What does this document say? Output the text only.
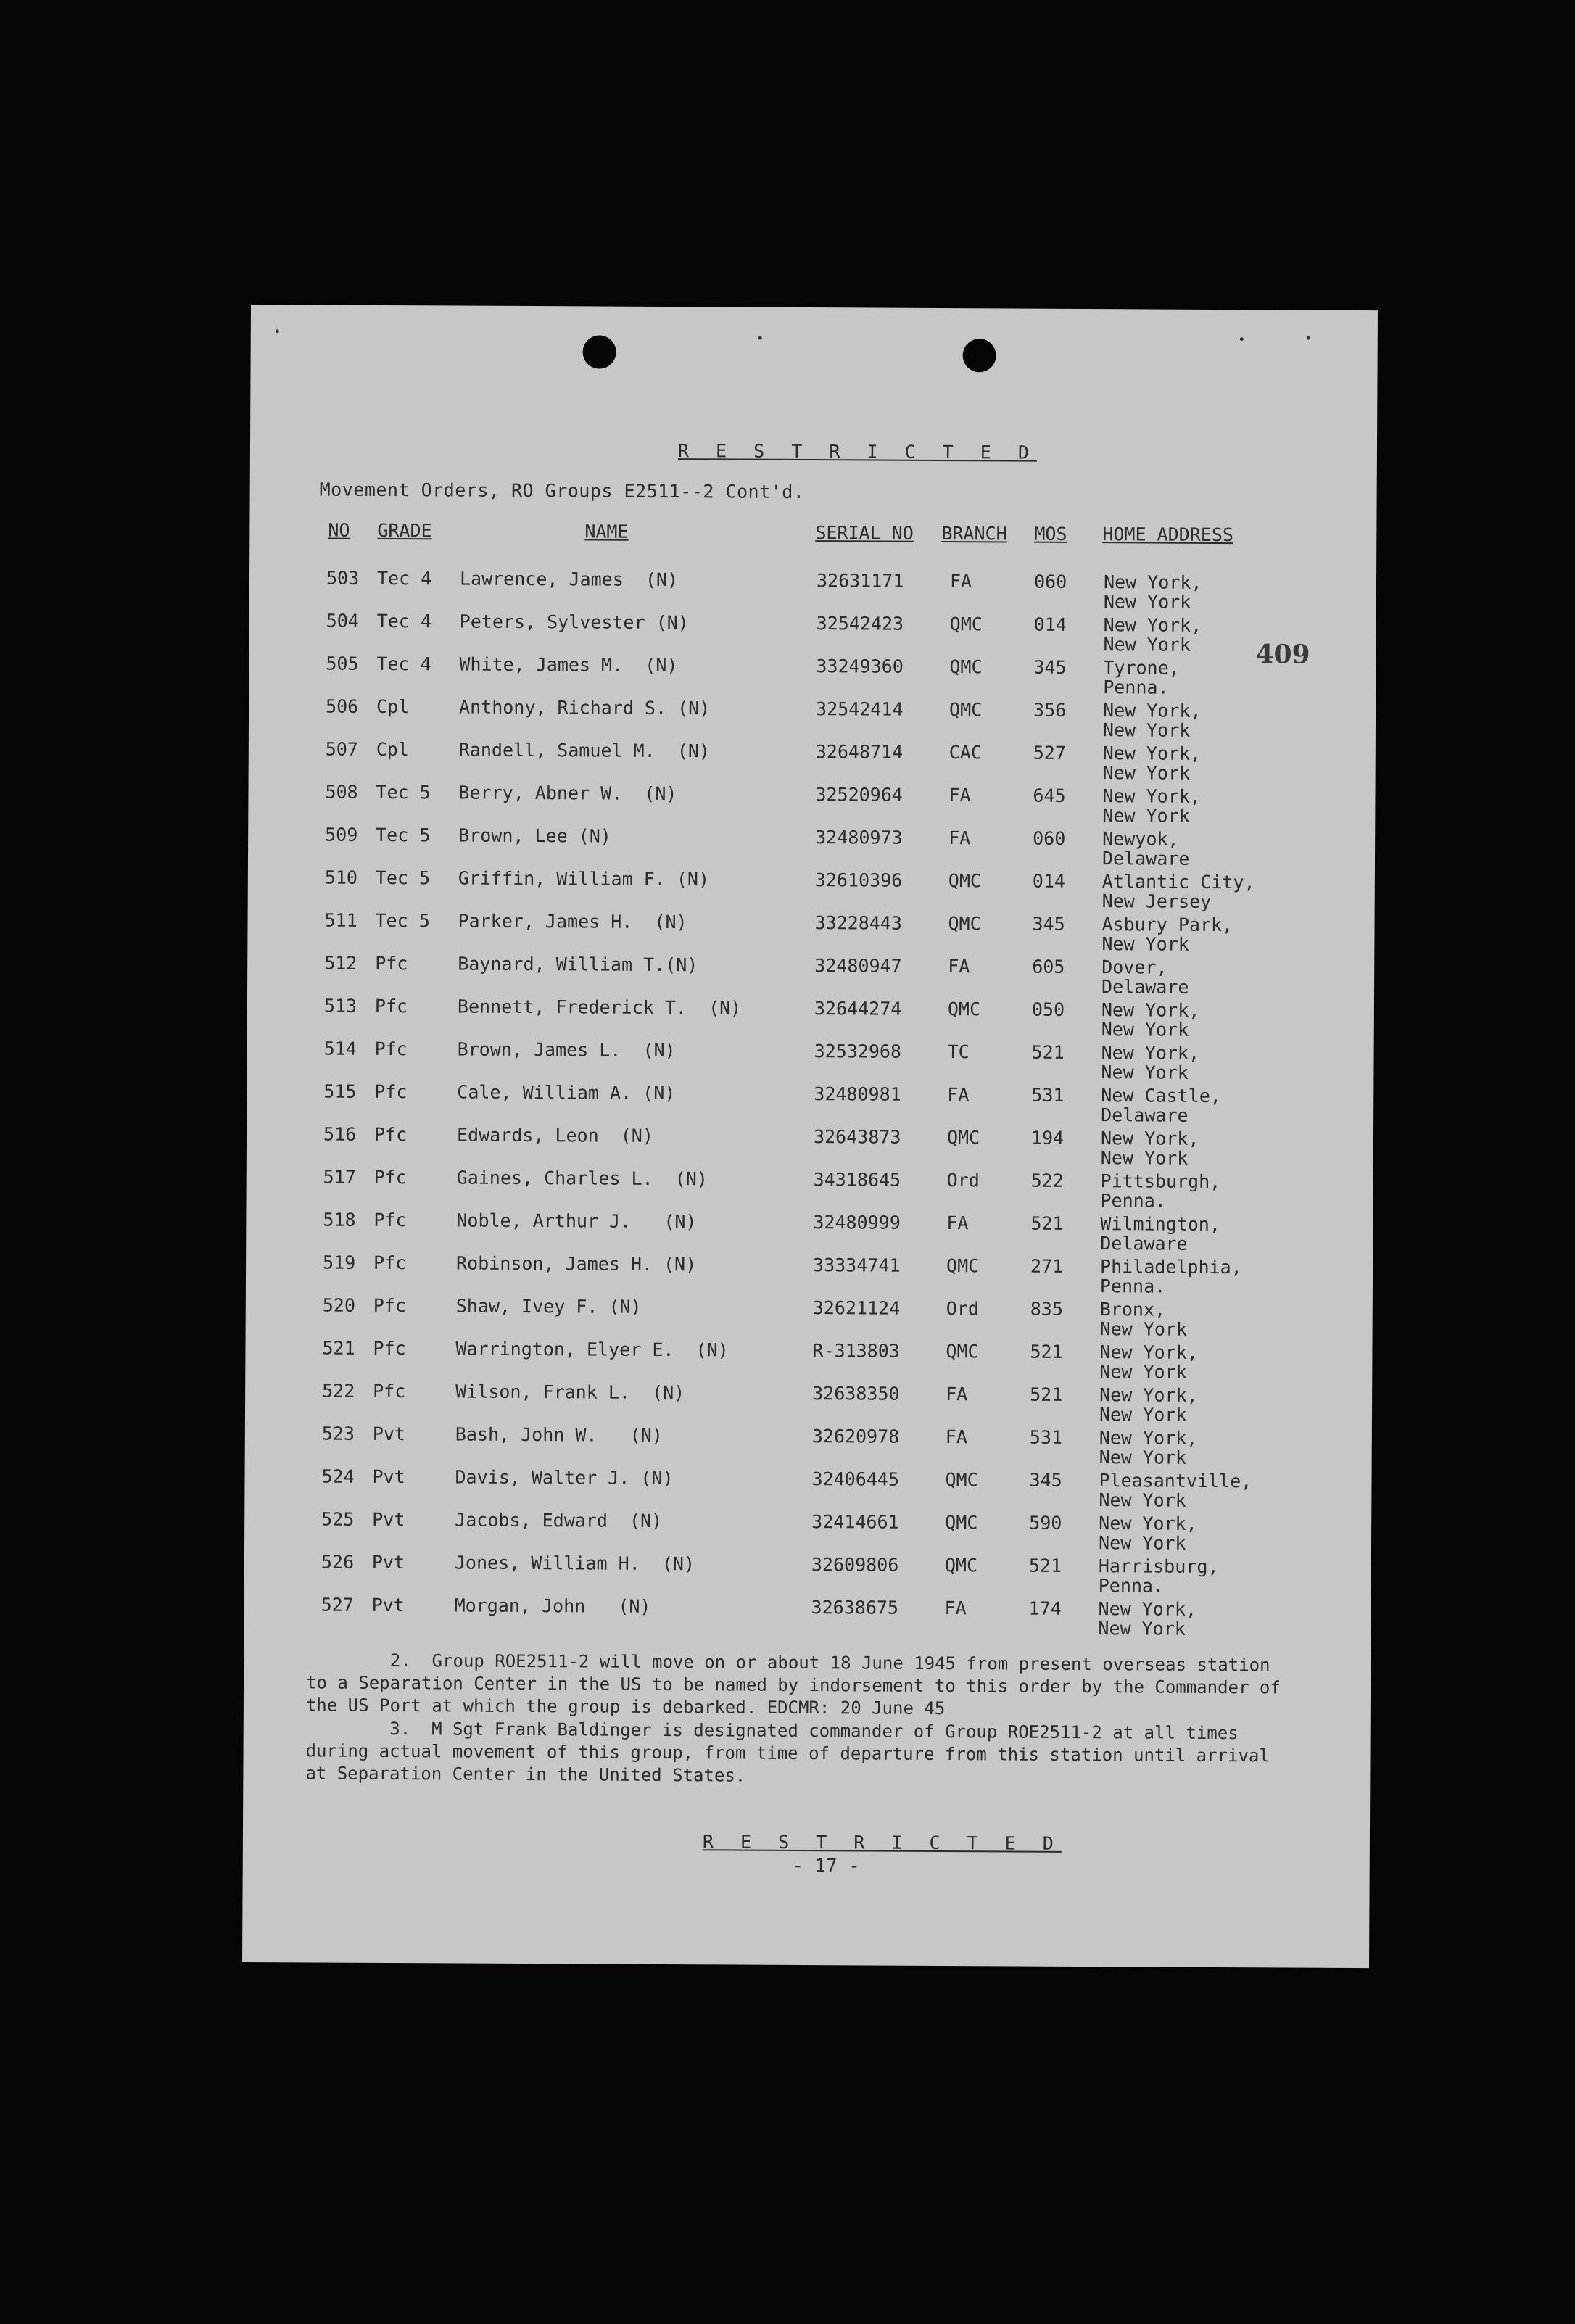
R E S T R I C T E D
Movement Orders, RO Groups E2511--2 Cont'd.
409
NO GRADE	NAME	SERIAL NO BRANCH MOS HOME ADDRESS
503 Tec 4 Lawrence, James  (N)	32631171	FA	060 New York,
New York
504 Tec 4 Peters, Sylvester (N)	32542423	QMC	014 New York,
New York
505 Tec 4 White, James M.  (N)	33249360	QMC	345 Tyrone,
Penna.
506 Cpl	Anthony, Richard S. (N)	32542414	QMC	356 New York,
New York
507 Cpl	Randell, Samuel M.  (N)	32648714	CAC	527 New York,
New York
508 Tec 5 Berry, Abner W.  (N)	32520964	FA	645 New York,
New York
509 Tec 5 Brown, Lee (N)	32480973	FA	060 Newyok,
Delaware
510 Tec 5 Griffin, William F. (N)	32610396	QMC	014 Atlantic City,
New Jersey
511 Tec 5 Parker, James H.  (N)	33228443	QMC	345 Asbury Park,
New York
512 Pfc	Baynard, William T.(N)	32480947	FA	605 Dover,
Delaware
513 Pfc	Bennett, Frederick T.  (N)	32644274	QMC	050 New York,
New York
514 Pfc	Brown, James L.  (N)	32532968	TC	521 New York,
New York
515 Pfc	Cale, William A. (N)	32480981	FA	531 New Castle,
Delaware
516 Pfc	Edwards, Leon  (N)	32643873	QMC	194 New York,
New York
517 Pfc	Gaines, Charles L.  (N)	34318645	Ord	522 Pittsburgh,
Penna.
518 Pfc	Noble, Arthur J.   (N)	32480999	FA	521 Wilmington,
Delaware
519 Pfc	Robinson, James H. (N)	33334741	QMC	271 Philadelphia,
Penna.
520 Pfc	Shaw, Ivey F. (N)	32621124	Ord	835 Bronx,
New York
521 Pfc	Warrington, Elyer E.  (N)	R-313803	QMC	521 New York,
New York
522 Pfc	Wilson, Frank L.  (N)	32638350	FA	521 New York,
New York
523 Pvt	Bash, John W.   (N)	32620978	FA	531 New York,
New York
524 Pvt	Davis, Walter J. (N)	32406445	QMC	345 Pleasantville,
New York
525 Pvt	Jacobs, Edward  (N)	32414661	QMC	590 New York,
New York
526 Pvt	Jones, William H.  (N)	32609806	QMC	521 Harrisburg,
Penna.
527 Pvt	Morgan, John   (N)	32638675	FA	174 New York,
New York
2.  Group ROE2511-2 will move on or about 18 June 1945 from present overseas station to a Separation Center in the US to be named by indorsement to this order by the Commander of the US Port at which the group is debarked. EDCMR: 20 June 45
3.  M Sgt Frank Baldinger is designated commander of Group ROE2511-2 at all times during actual movement of this group, from time of departure from this station until arrival at Separation Center in the United States.
R E S T R I C T E D
- 17 -
